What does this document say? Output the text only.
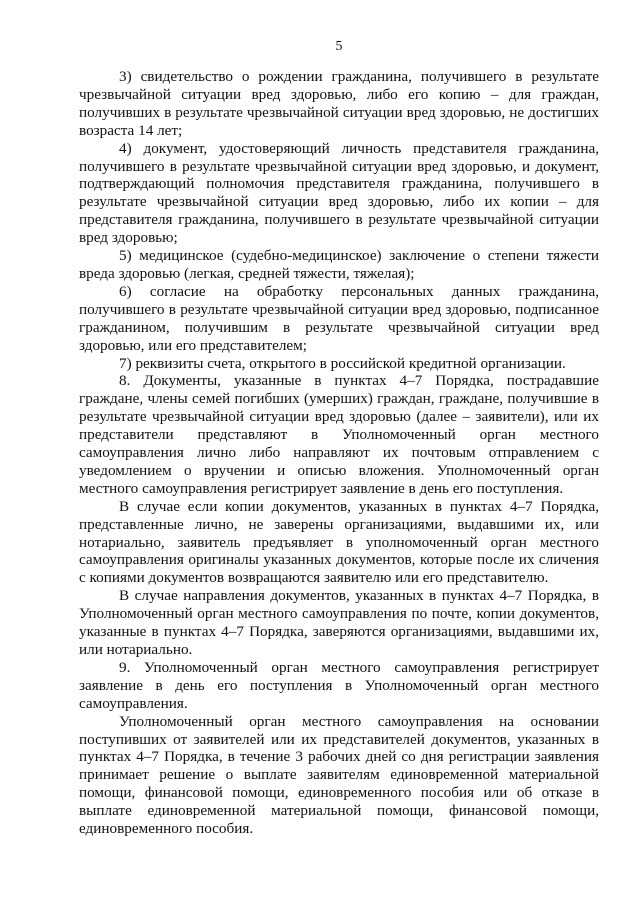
5

3) свидетельство о рождении гражданина, получившего в результате чрезвычайной ситуации вред здоровью, либо его копию – для граждан, получивших в результате чрезвычайной ситуации вред здоровью, не достигших возраста 14 лет;

4) документ, удостоверяющий личность представителя гражданина, получившего в результате чрезвычайной ситуации вред здоровью, и документ, подтверждающий полномочия представителя гражданина, получившего в результате чрезвычайной ситуации вред здоровью, либо их копии – для представителя гражданина, получившего в результате чрезвычайной ситуации вред здоровью;

5) медицинское (судебно-медицинское) заключение о степени тяжести вреда здоровью (легкая, средней тяжести, тяжелая);

6) согласие на обработку персональных данных гражданина, получившего в результате чрезвычайной ситуации вред здоровью, подписанное гражданином, получившим в результате чрезвычайной ситуации вред здоровью, или его представителем;

7) реквизиты счета, открытого в российской кредитной организации.

8. Документы, указанные в пунктах 4–7 Порядка, пострадавшие граждане, члены семей погибших (умерших) граждан, граждане, получившие в результате чрезвычайной ситуации вред здоровью (далее – заявители), или их представители представляют в Уполномоченный орган местного самоуправления лично либо направляют их почтовым отправлением с уведомлением о вручении и описью вложения. Уполномоченный орган местного самоуправления регистрирует заявление в день его поступления.

В случае если копии документов, указанных в пунктах 4–7 Порядка, представленные лично, не заверены организациями, выдавшими их, или нотариально, заявитель предъявляет в уполномоченный орган местного самоуправления оригиналы указанных документов, которые после их сличения с копиями документов возвращаются заявителю или его представителю.

В случае направления документов, указанных в пунктах 4–7 Порядка, в Уполномоченный орган местного самоуправления по почте, копии документов, указанные в пунктах 4–7 Порядка, заверяются организациями, выдавшими их, или нотариально.

9. Уполномоченный орган местного самоуправления регистрирует заявление в день его поступления в Уполномоченный орган местного самоуправления.

Уполномоченный орган местного самоуправления на основании поступивших от заявителей или их представителей документов, указанных в пунктах 4–7 Порядка, в течение 3 рабочих дней со дня регистрации заявления принимает решение о выплате заявителям единовременной материальной помощи, финансовой помощи, единовременного пособия или об отказе в выплате единовременной материальной помощи, финансовой помощи, единовременного пособия.
